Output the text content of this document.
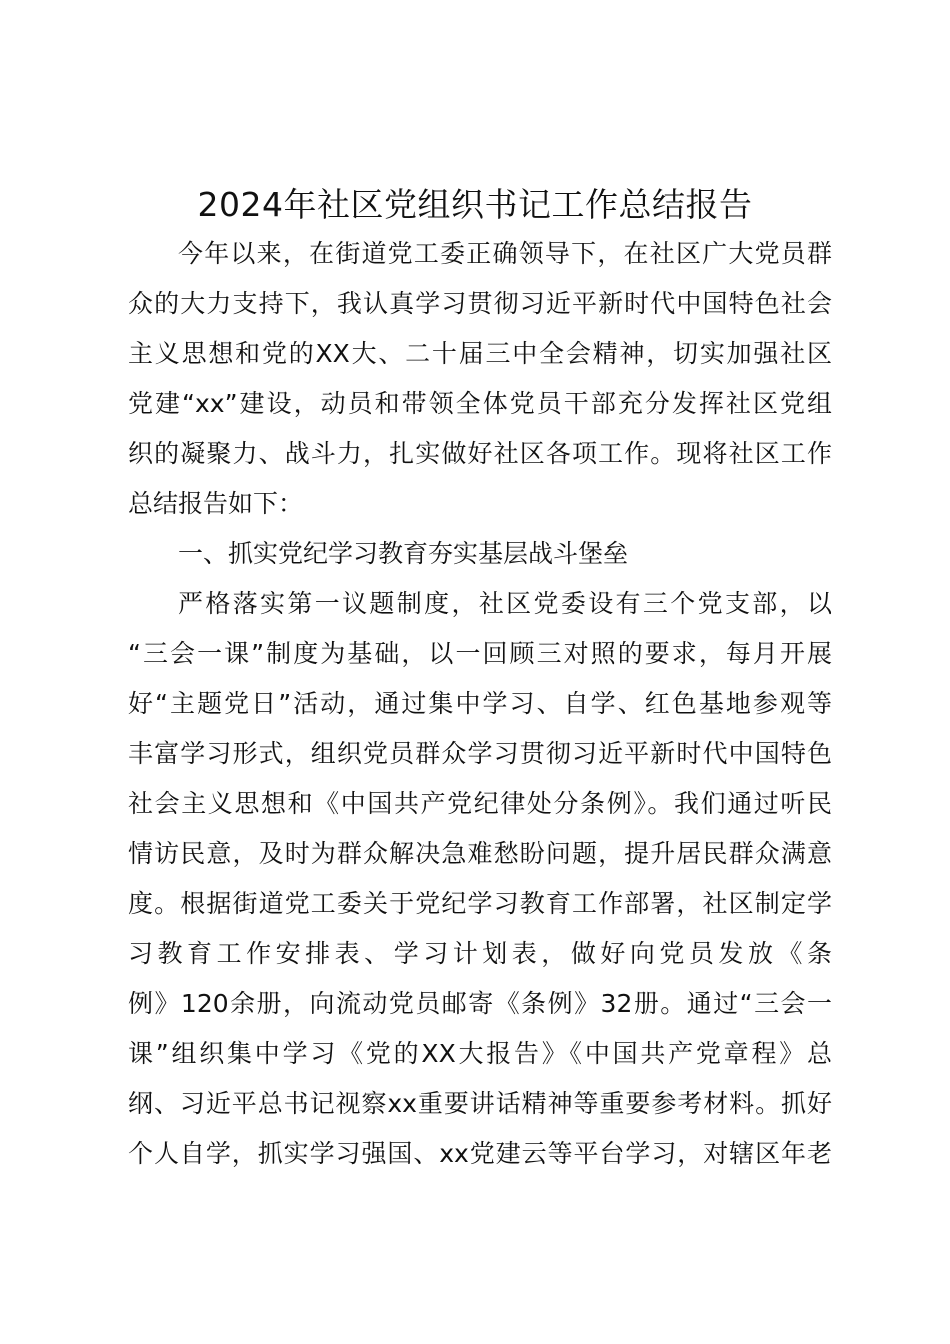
2024年社区党组织书记工作总结报告
今年以来，在街道党工委正确领导下，在社区广大党员群
众的大力支持下，我认真学习贯彻习近平新时代中国特色社会
主义思想和党的XX大、二十届三中全会精神，切实加强社区
党建“xx”建设，动员和带领全体党员干部充分发挥社区党组
织的凝聚力、战斗力，扎实做好社区各项工作。现将社区工作
总结报告如下：
一、抓实党纪学习教育夯实基层战斗堡垒
严格落实第一议题制度，社区党委设有三个党支部，以
“三会一课”制度为基础，以一回顾三对照的要求，每月开展
好“主题党日”活动，通过集中学习、自学、红色基地参观等
丰富学习形式，组织党员群众学习贯彻习近平新时代中国特色
社会主义思想和《中国共产党纪律处分条例》。我们通过听民
情访民意，及时为群众解决急难愁盼问题，提升居民群众满意
度。根据街道党工委关于党纪学习教育工作部署，社区制定学
习教育工作安排表、学习计划表，做好向党员发放《条
例》120余册，向流动党员邮寄《条例》32册。通过“三会一
课”组织集中学习《党的XX大报告》《中国共产党章程》总
纲、习近平总书记视察xx重要讲话精神等重要参考材料。抓好
个人自学，抓实学习强国、xx党建云等平台学习，对辖区年老
